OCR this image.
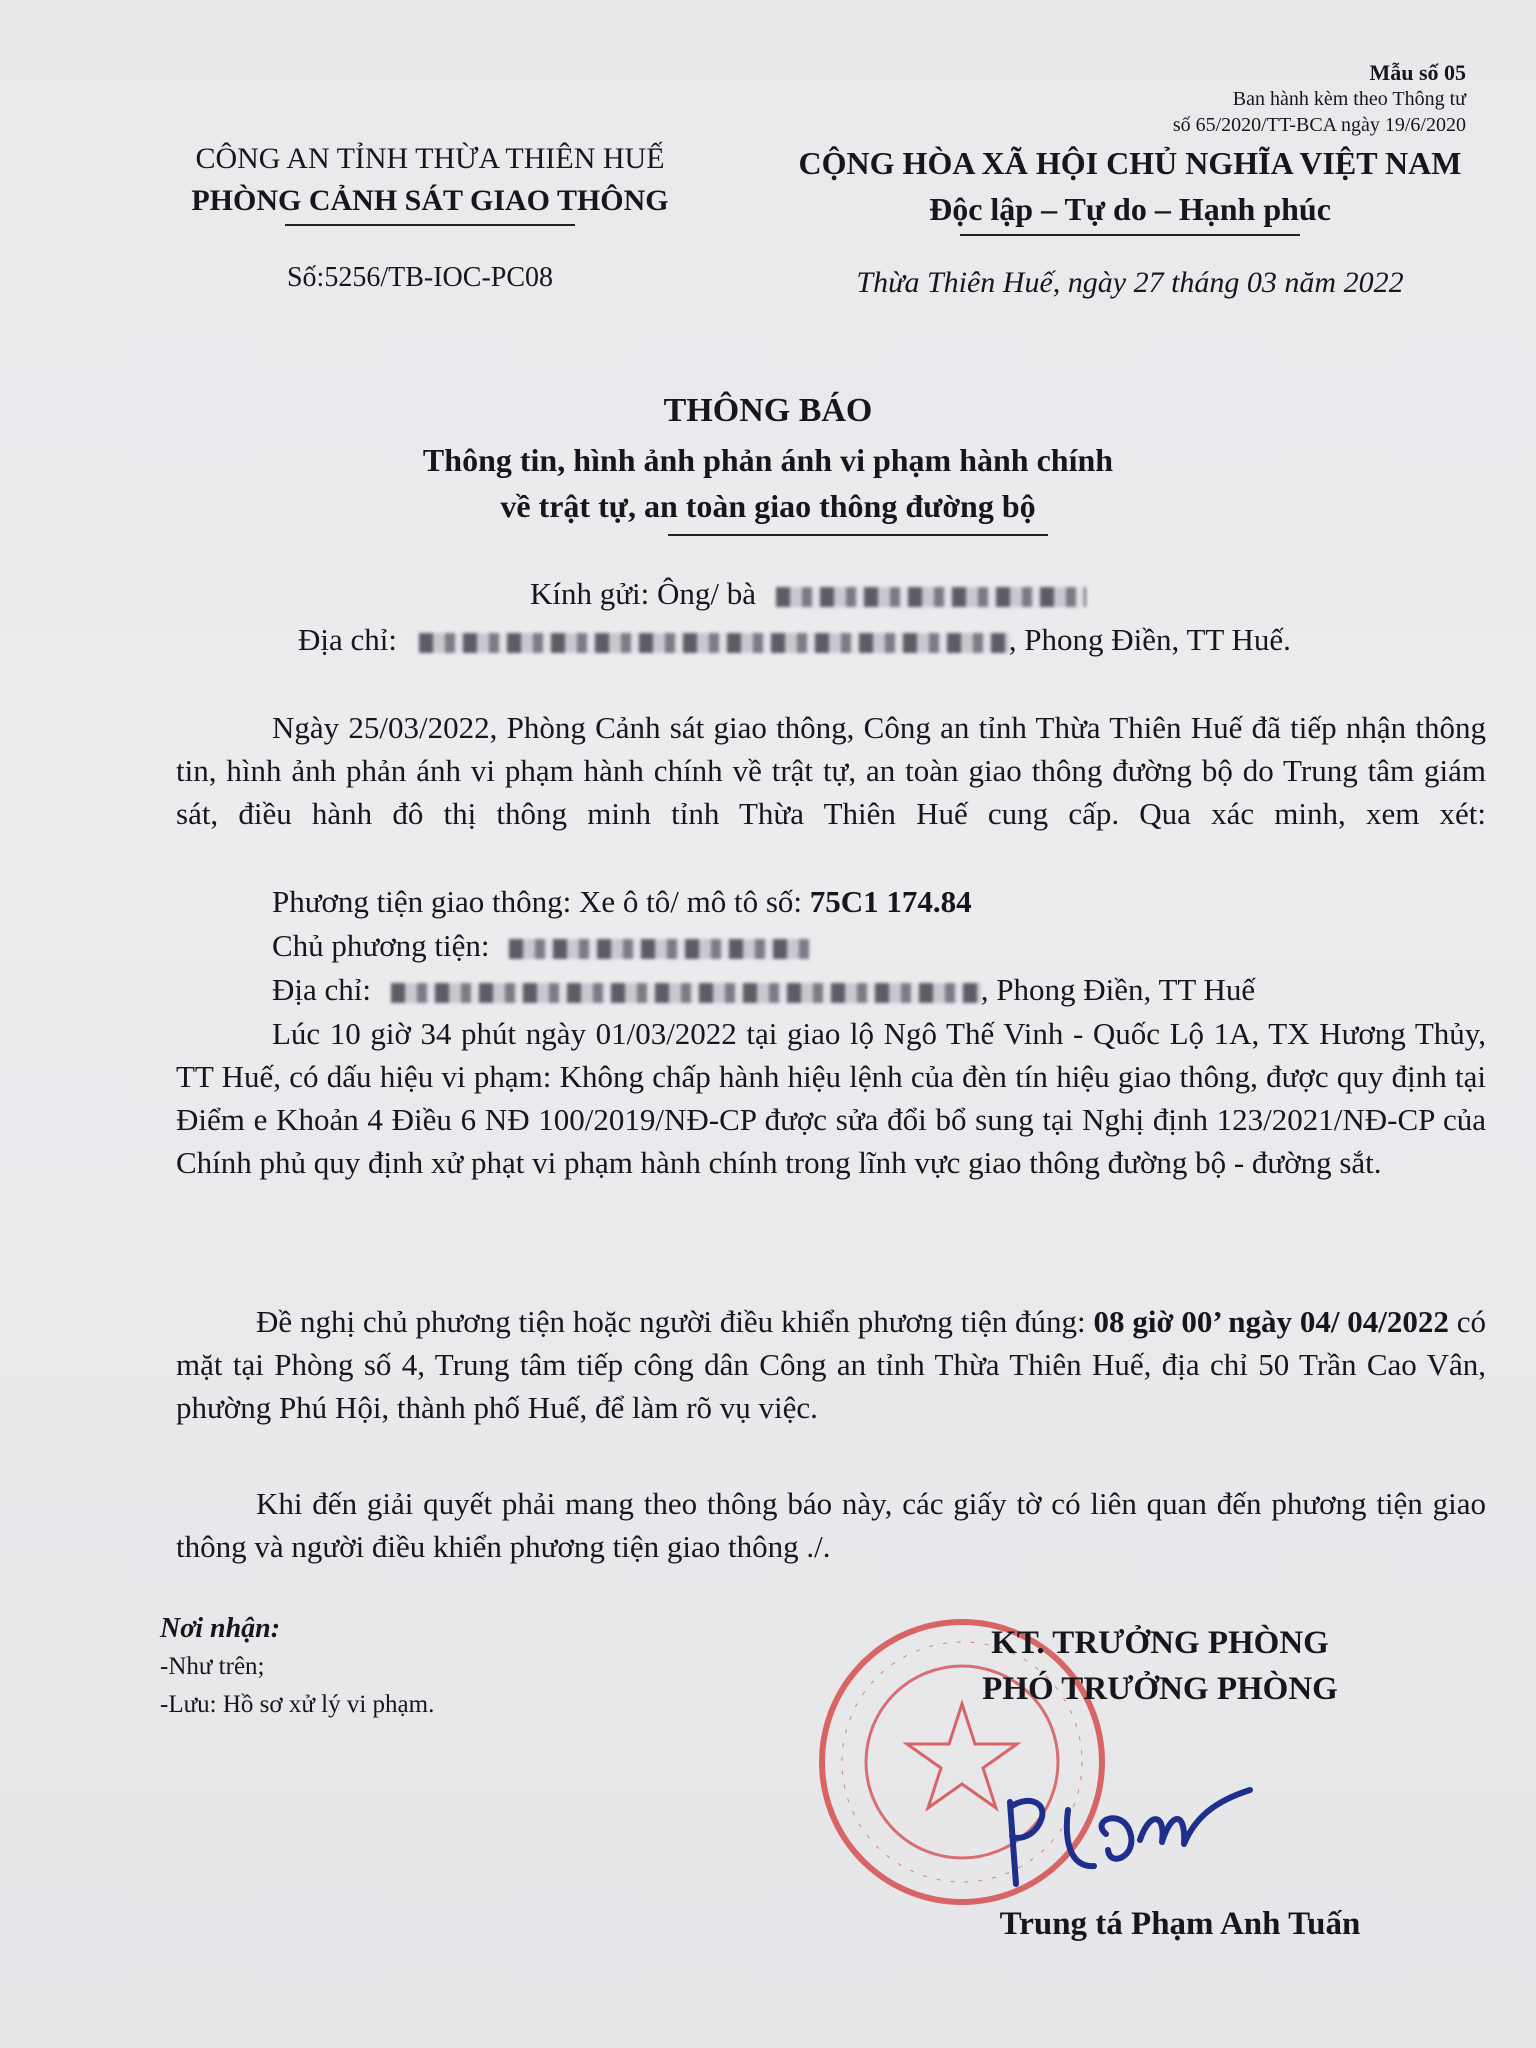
Mẫu số 05
Ban hành kèm theo Thông tư
số 65/2020/TT-BCA ngày 19/6/2020
CÔNG AN TỈNH THỪA THIÊN HUẾ
PHÒNG CẢNH SÁT GIAO THÔNG
CỘNG HÒA XÃ HỘI CHỦ NGHĨA VIỆT NAM
Độc lập – Tự do – Hạnh phúc
Số:5256/TB-IOC-PC08	Thừa Thiên Huế, ngày 27 tháng 03 năm 2022
THÔNG BÁO
Thông tin, hình ảnh phản ánh vi phạm hành chính
về trật tự, an toàn giao thông đường bộ
Kính gửi: Ông/ bà
Địa chỉ:	, Phong Điền, TT Huế.
Ngày 25/03/2022, Phòng Cảnh sát giao thông, Công an tỉnh Thừa Thiên Huế đã tiếp nhận thông tin, hình ảnh phản ánh vi phạm hành chính về trật tự, an toàn giao thông đường bộ do Trung tâm giám sát, điều hành đô thị thông minh tỉnh Thừa Thiên Huế cung cấp. Qua xác minh, xem xét:
Phương tiện giao thông: Xe ô tô/ mô tô số: 75C1 174.84
Chủ phương tiện:
Địa chỉ:	, Phong Điền, TT Huế
Lúc 10 giờ 34 phút ngày 01/03/2022 tại giao lộ Ngô Thế Vinh - Quốc Lộ 1A, TX Hương Thủy, TT Huế, có dấu hiệu vi phạm: Không chấp hành hiệu lệnh của đèn tín hiệu giao thông, được quy định tại Điểm e Khoản 4 Điều 6 NĐ 100/2019/NĐ-CP được sửa đổi bổ sung tại Nghị định 123/2021/NĐ-CP của Chính phủ quy định xử phạt vi phạm hành chính trong lĩnh vực giao thông đường bộ - đường sắt.
Đề nghị chủ phương tiện hoặc người điều khiển phương tiện đúng: 08 giờ 00’ ngày 04/ 04/2022 có mặt tại Phòng số 4, Trung tâm tiếp công dân Công an tỉnh Thừa Thiên Huế, địa chỉ 50 Trần Cao Vân, phường Phú Hội, thành phố Huế, để làm rõ vụ việc.
Khi đến giải quyết phải mang theo thông báo này, các giấy tờ có liên quan đến phương tiện giao thông và người điều khiển phương tiện giao thông ./.
Nơi nhận:
-Như trên;
-Lưu: Hồ sơ xử lý vi phạm.
KT. TRƯỞNG PHÒNG
PHÓ TRƯỞNG PHÒNG
Trung tá Phạm Anh Tuấn
